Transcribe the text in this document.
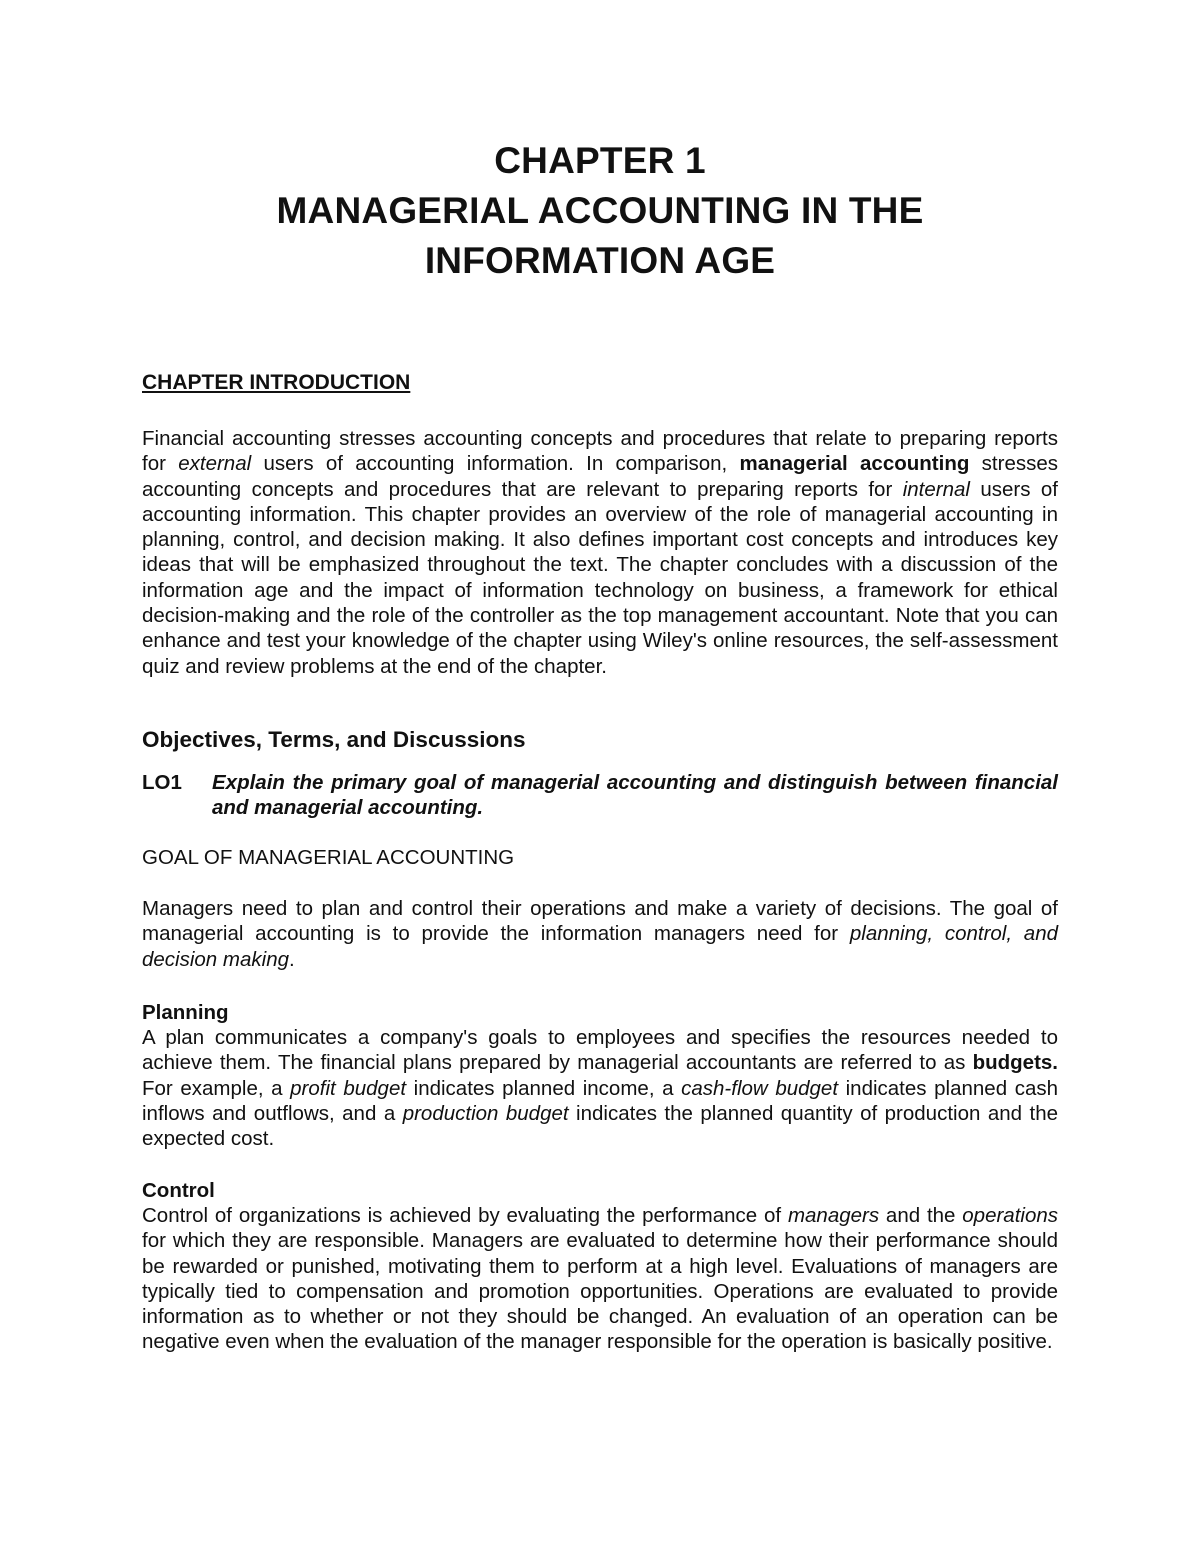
CHAPTER 1
MANAGERIAL ACCOUNTING IN THE
INFORMATION AGE
CHAPTER INTRODUCTION
Financial accounting stresses accounting concepts and procedures that relate to preparing reports for external users of accounting information. In comparison, managerial accounting stresses accounting concepts and procedures that are relevant to preparing reports for internal users of accounting information. This chapter provides an overview of the role of managerial accounting in planning, control, and decision making. It also defines important cost concepts and introduces key ideas that will be emphasized throughout the text. The chapter concludes with a discussion of the information age and the impact of information technology on business, a framework for ethical decision-making and the role of the controller as the top management accountant. Note that you can enhance and test your knowledge of the chapter using Wiley's online resources, the self-assessment quiz and review problems at the end of the chapter.
Objectives, Terms, and Discussions
LO1 Explain the primary goal of managerial accounting and distinguish between financial and managerial accounting.
GOAL OF MANAGERIAL ACCOUNTING
Managers need to plan and control their operations and make a variety of decisions. The goal of managerial accounting is to provide the information managers need for planning, control, and decision making.
Planning
A plan communicates a company's goals to employees and specifies the resources needed to achieve them. The financial plans prepared by managerial accountants are referred to as budgets. For example, a profit budget indicates planned income, a cash-flow budget indicates planned cash inflows and outflows, and a production budget indicates the planned quantity of production and the expected cost.
Control
Control of organizations is achieved by evaluating the performance of managers and the operations for which they are responsible. Managers are evaluated to determine how their performance should be rewarded or punished, motivating them to perform at a high level. Evaluations of managers are typically tied to compensation and promotion opportunities. Operations are evaluated to provide information as to whether or not they should be changed. An evaluation of an operation can be negative even when the evaluation of the manager responsible for the operation is basically positive.
